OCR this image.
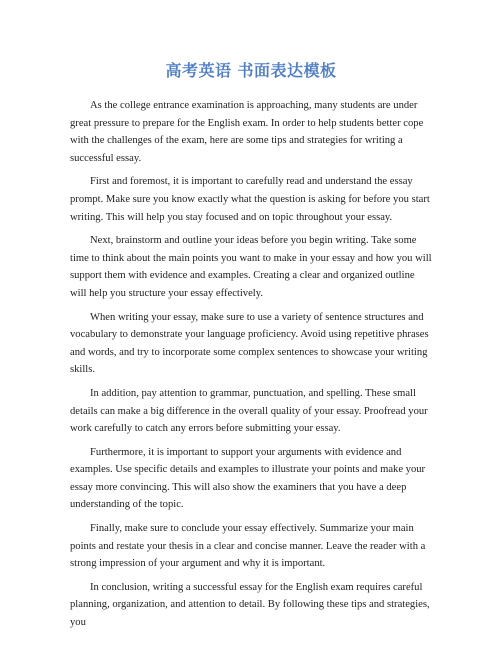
高考英语 书面表达模板

As the college entrance examination is approaching, many students are under great pressure to prepare for the English exam. In order to help students better cope with the challenges of the exam, here are some tips and strategies for writing a successful essay.

First and foremost, it is important to carefully read and understand the essay prompt. Make sure you know exactly what the question is asking for before you start writing. This will help you stay focused and on topic throughout your essay.

Next, brainstorm and outline your ideas before you begin writing. Take some time to think about the main points you want to make in your essay and how you will support them with evidence and examples. Creating a clear and organized outline will help you structure your essay effectively.

When writing your essay, make sure to use a variety of sentence structures and vocabulary to demonstrate your language proficiency. Avoid using repetitive phrases and words, and try to incorporate some complex sentences to showcase your writing skills.

In addition, pay attention to grammar, punctuation, and spelling. These small details can make a big difference in the overall quality of your essay. Proofread your work carefully to catch any errors before submitting your essay.

Furthermore, it is important to support your arguments with evidence and examples. Use specific details and examples to illustrate your points and make your essay more convincing. This will also show the examiners that you have a deep understanding of the topic.

Finally, make sure to conclude your essay effectively. Summarize your main points and restate your thesis in a clear and concise manner. Leave the reader with a strong impression of your argument and why it is important.

In conclusion, writing a successful essay for the English exam requires careful planning, organization, and attention to detail. By following these tips and strategies, you
